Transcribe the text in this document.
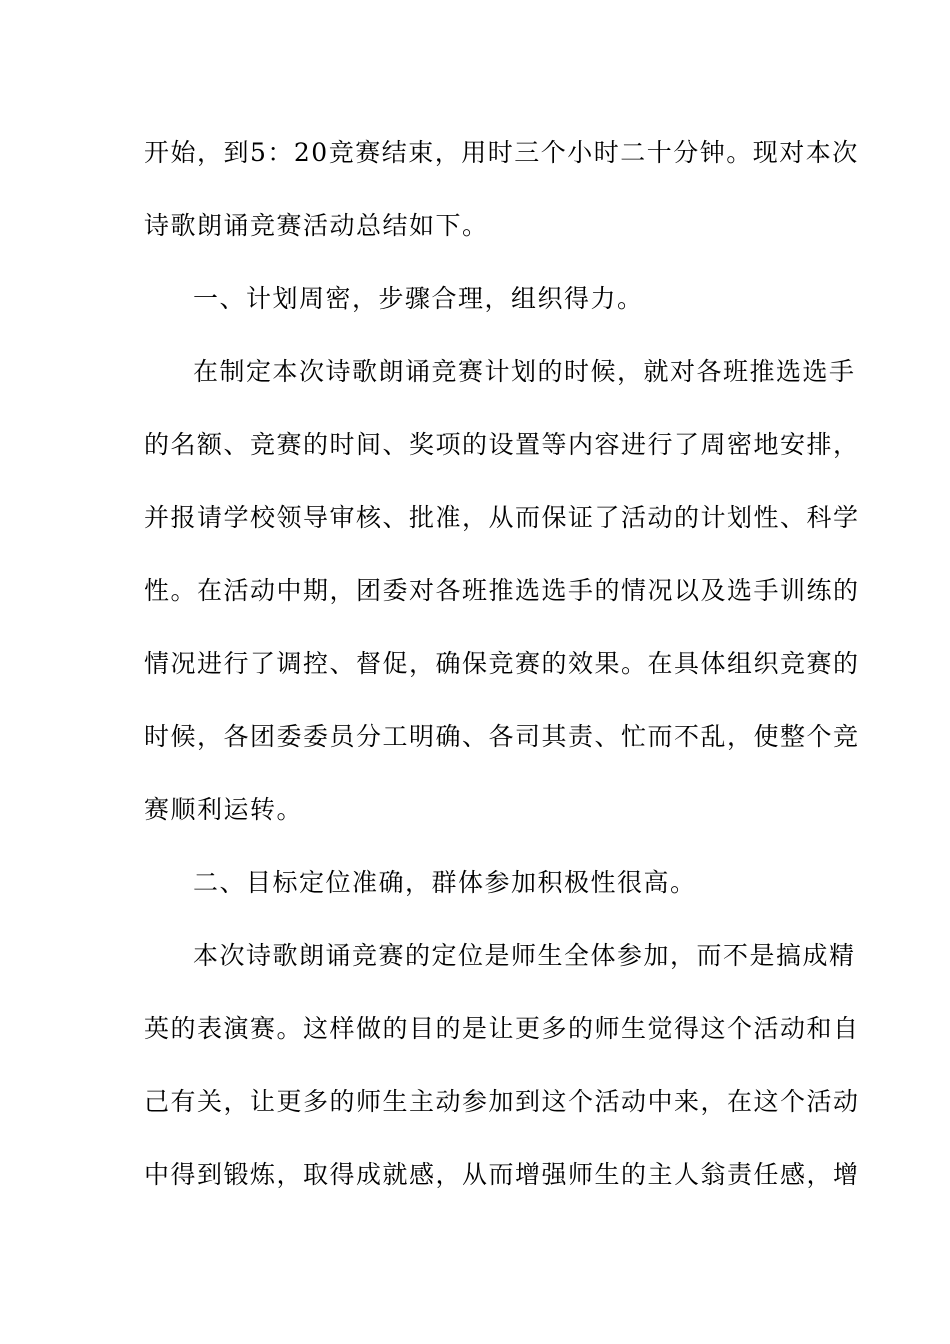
开始，到5：20竞赛结束，用时三个小时二十分钟。现对本次
诗歌朗诵竞赛活动总结如下。
一、计划周密，步骤合理，组织得力。
在制定本次诗歌朗诵竞赛计划的时候，就对各班推选选手
的名额、竞赛的时间、奖项的设置等内容进行了周密地安排，
并报请学校领导审核、批准，从而保证了活动的计划性、科学
性。在活动中期，团委对各班推选选手的情况以及选手训练的
情况进行了调控、督促，确保竞赛的效果。在具体组织竞赛的
时候，各团委委员分工明确、各司其责、忙而不乱，使整个竞
赛顺利运转。
二、目标定位准确，群体参加积极性很高。
本次诗歌朗诵竞赛的定位是师生全体参加，而不是搞成精
英的表演赛。这样做的目的是让更多的师生觉得这个活动和自
己有关，让更多的师生主动参加到这个活动中来，在这个活动
中得到锻炼，取得成就感，从而增强师生的主人翁责任感，增
